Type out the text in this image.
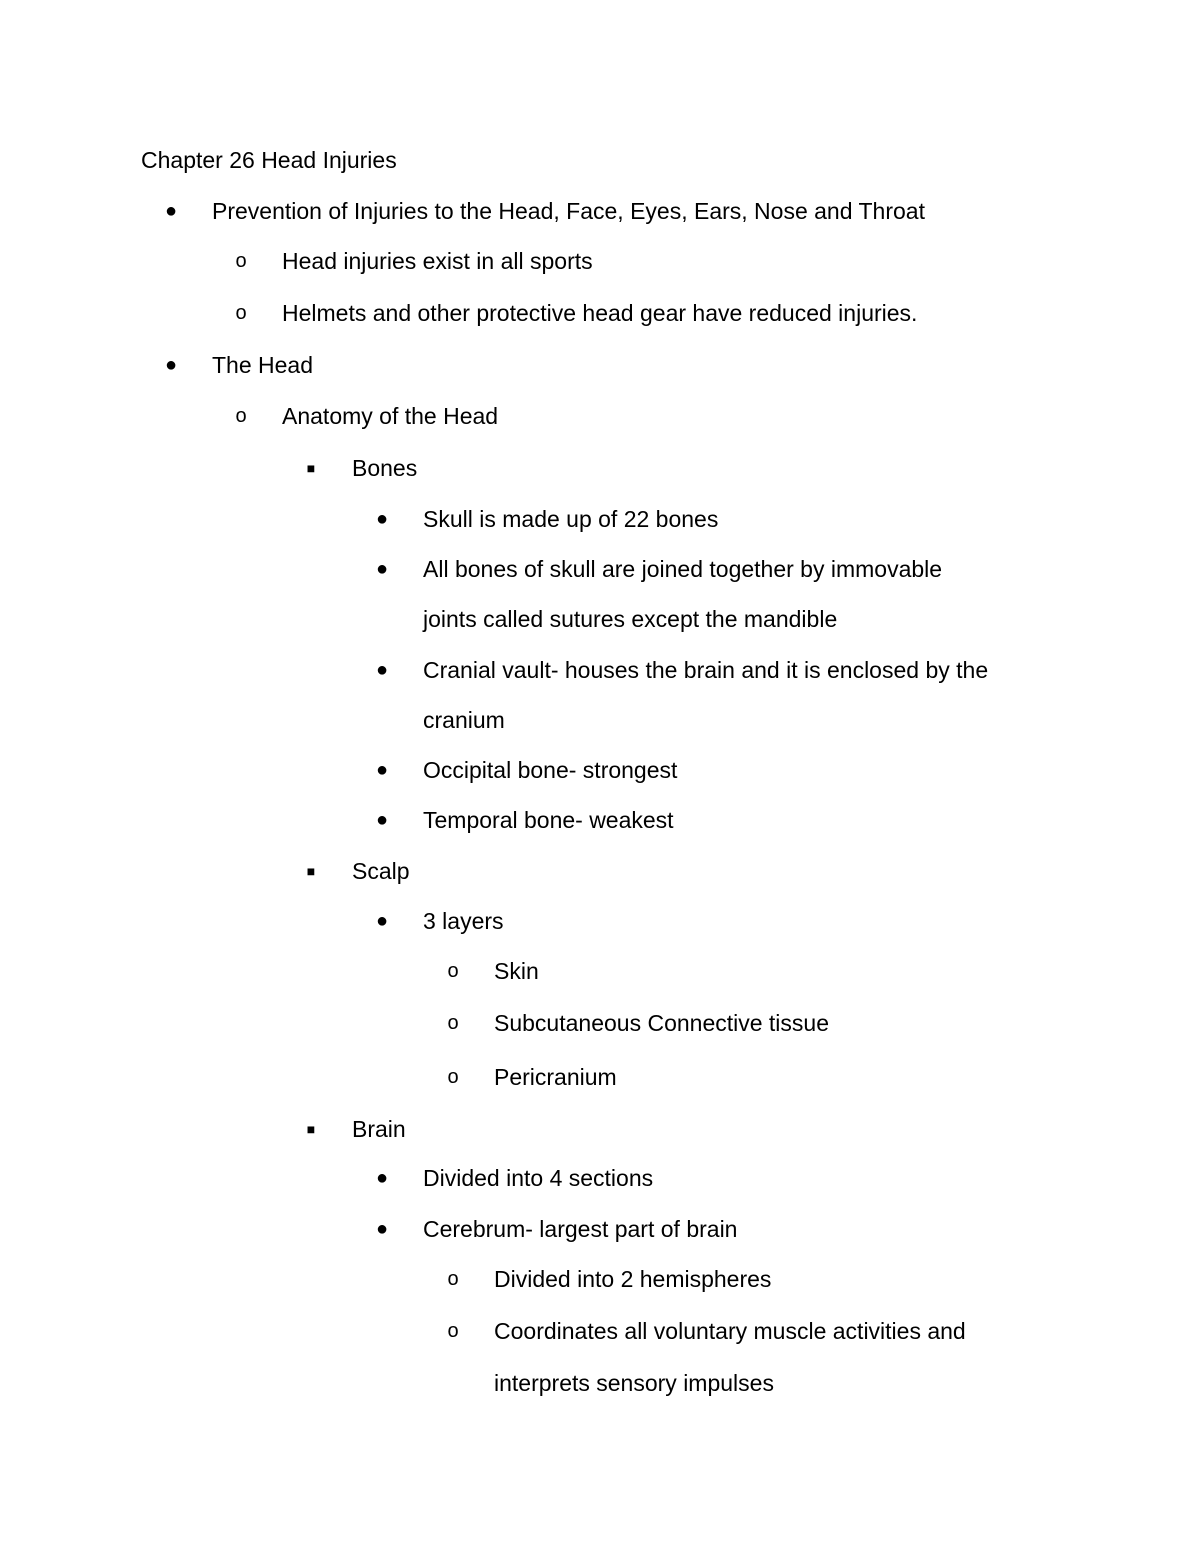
Chapter 26 Head Injuries
●	Prevention of Injuries to the Head, Face, Eyes, Ears, Nose and Throat
o	Head injuries exist in all sports
o	Helmets and other protective head gear have reduced injuries.
●	The Head
o	Anatomy of the Head
■	Bones
●	Skull is made up of 22 bones
●	All bones of skull are joined together by immovable
joints called sutures except the mandible
●	Cranial vault- houses the brain and it is enclosed by the
cranium
●	Occipital bone- strongest
●	Temporal bone- weakest
■	Scalp
●	3 layers
o	Skin
o	Subcutaneous Connective tissue
o	Pericranium
■	Brain
●	Divided into 4 sections
●	Cerebrum- largest part of brain
o	Divided into 2 hemispheres
o	Coordinates all voluntary muscle activities and
interprets sensory impulses
